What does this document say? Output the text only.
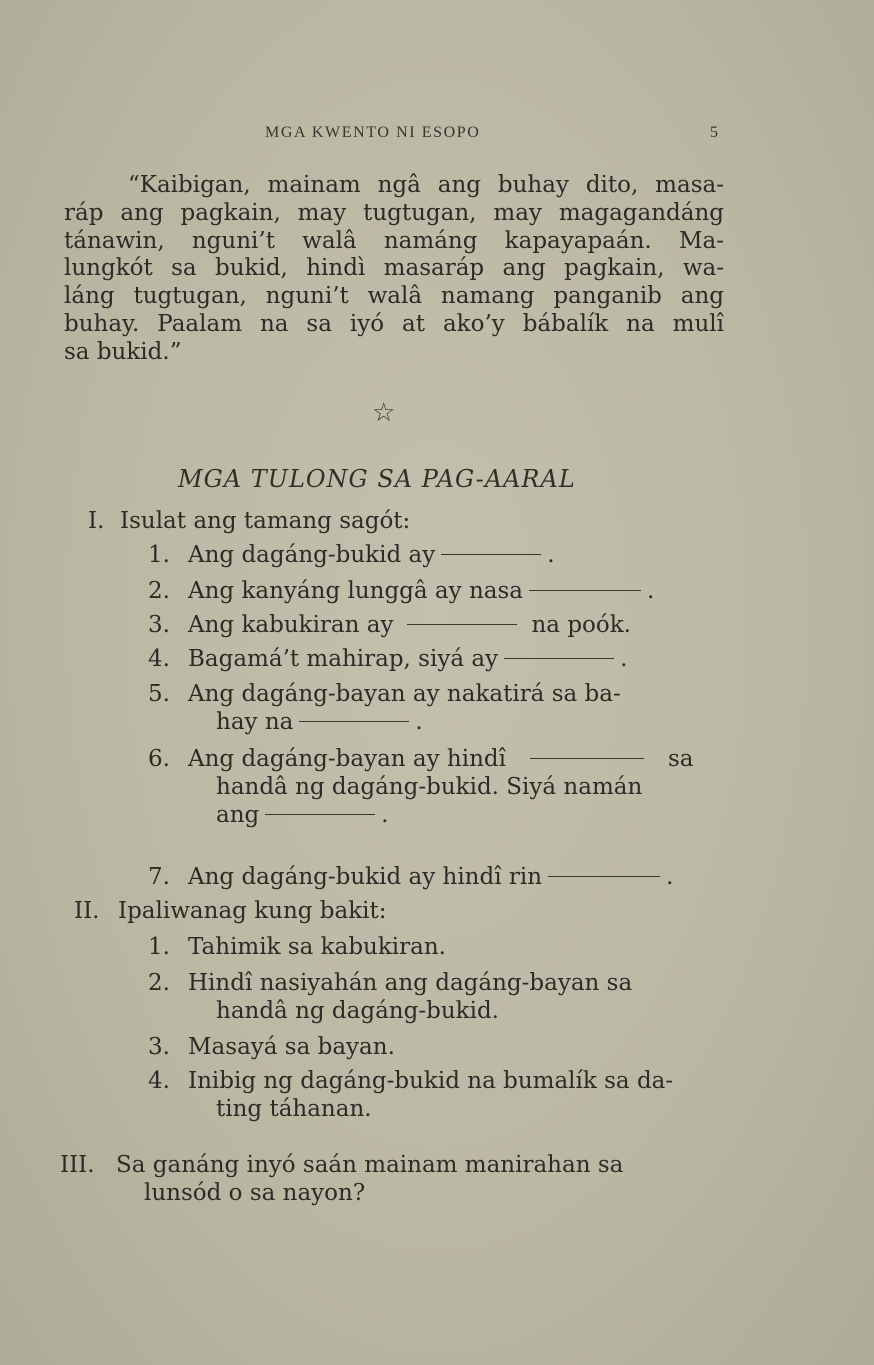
MGA KWENTO NI ESOPO	5

“Kaibigan, mainam ngâ ang buhay dito, masa-
ráp ang pagkain, may tugtugan, may magagandáng
tánawin, nguni’t walâ namáng kapayapaán. Ma-
lungkót sa bukid, hindì masaráp ang pagkain, wa-
láng tugtugan, nguni’t walâ namang panganib ang
buhay. Paalam na sa iyó at ako’y bábalík na mulî
sa bukid.”

☆
MGA TULONG SA PAG-AARAL
I. Isulat ang tamang sagót:
1. Ang dagáng-bukid ay	.
2. Ang kanyáng lunggâ ay nasa	.
3. Ang kabukiran ay	na poók.
4. Bagamá’t mahirap, siyá ay	.
5. Ang dagáng-bayan ay nakatirá sa ba-
hay na	.
6. Ang dagáng-bayan ay hindî	sa
handâ ng dagáng-bukid. Siyá namán
ang	.
7. Ang dagáng-bukid ay hindî rin	.
II. Ipaliwanag kung bakit:
1. Tahimik sa kabukiran.
2. Hindî nasiyahán ang dagáng-bayan sa
handâ ng dagáng-bukid.
3. Masayá sa bayan.
4. Inibig ng dagáng-bukid na bumalík sa da-
ting táhanan.
III. Sa ganáng inyó saán mainam manirahan sa
lunsód o sa nayon?
